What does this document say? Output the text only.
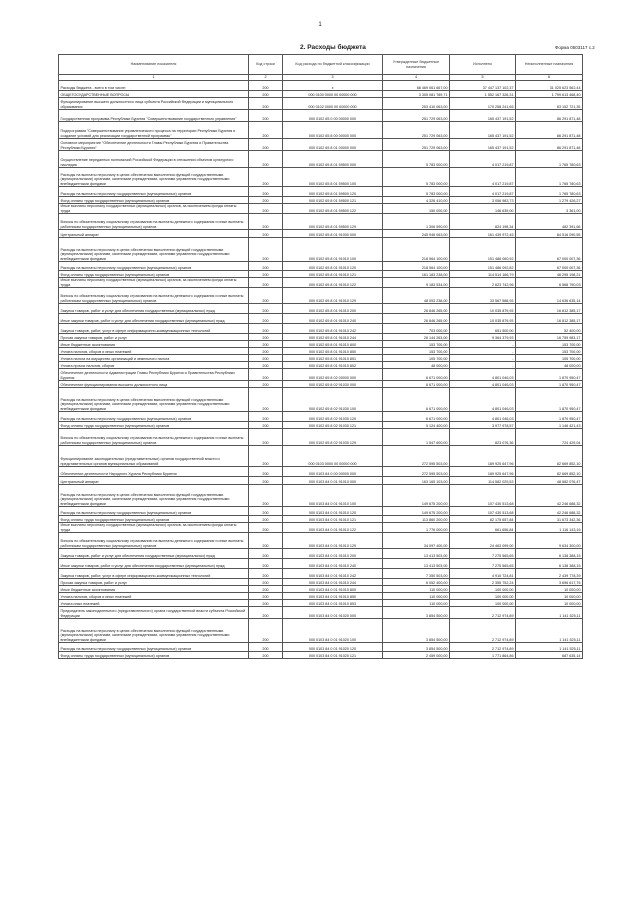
1
2. Расходы бюджета	Форма 0503117 с.2
Наименование показателя	Код строки	Код расхода по бюджетной классификации	Утвержденные бюджетные назначения	Исполнено	Неисполненные назначения
1	2	3	4	5	6
Расходы бюджета - всего в том числе:	200	x	68 469 061 667,00	37 447 137 102,37	31 025 623 562,44
ОБЩЕГОСУДАРСТВЕННЫЕ ВОПРОСЫ	200	000 0100 0000 00 00000 000	3 305 081 789,71	1 552 167 326,31	1 799 613 468,40
Функционирование высшего должностного лица субъекта Российской Федерации и муниципального образования	200	000 0102 0000 00 00000 000	253 410 063,00	170 258 241,65	83 152 721,35
Государственная программа Республики Бурятия "Совершенствование государственного управления"	200	000 0102 65 0 00 00000 000	251 729 063,00	165 437 191,52	86 291 871,48
Подпрограмма "Совершенствование управленческого процесса на территории Республики Бурятия и создание условий для реализации государственной программы"	200	000 0102 65 8 00 00000 000	251 729 063,00	165 437 191,52	86 291 871,48
Основное мероприятие "Обеспечение деятельности Главы Республики Бурятия и Правительства Республики Бурятия"	200	000 0102 65 8 01 00000 000	251 729 063,00	165 437 191,52	86 291 871,48
Осуществление переданных полномочий Российской Федерации в отношении объектов культурного наследия	200	000 0102 65 8 01 59500 000	5 783 000,00	4 017 219,87	1 765 780,63
Расходы на выплаты персоналу в целях обеспечения выполнения функций государственными (муниципальными) органами, казенными учреждениями, органами управления государственными внебюджетными фондами	200	000 0102 65 8 01 59500 100	5 783 000,00	4 017 219,87	1 765 780,63
Расходы на выплаты персоналу государственных (муниципальных) органов	200	000 0102 65 8 01 59500 120	5 783 000,00	4 017 219,87	1 765 780,63
Фонд оплаты труда государственных (муниципальных) органов	200	000 0102 65 8 01 59500 121	4 326 410,00	3 056 983,73	1 279 426,27
Иные выплаты персоналу государственных (муниципальных) органов, за исключением фонда оплаты труда	200	000 0102 65 8 01 59500 122	150 000,00	146 639,00	3 361,00
Взносы по обязательному социальному страхованию на выплаты денежного содержания и иные выплаты работникам государственных (муниципальных) органов	200	000 0102 65 8 01 59500 129	1 306 590,00	824 198,34	482 391,66
Центральный аппарат	200	000 0102 65 8 01 91000 000	245 946 063,00	161 439 972,45	84 516 090,55
Расходы на выплаты персоналу в целях обеспечения выполнения функций государственными (муниципальными) органами, казенными учреждениями, органами управления государственными внебюджетными фондами	200	000 0102 65 8 01 91010 100	218 564 100,00	151 486 060,92	67 000 007,36
Расходы на выплаты персоналу государственных (муниципальных) органов	200	000 0102 65 8 01 91010 120	218 564 100,00	151 486 092,82	67 000 007,36
Фонд оплаты труда государственных (муниципальных) органов	200	000 0102 65 8 01 91010 121	161 183 238,00	114 514 166,79	46 295 198,21
Иные выплаты персоналу государственных (муниципальных) органов, за исключением фонда оплаты труда	200	000 0102 65 8 01 91010 122	9 183 534,00	2 623 742,96	6 568 790,03
Взносы по обязательному социальному страхованию на выплаты денежного содержания и иные выплаты работникам государственных (муниципальных) органов	200	000 0102 65 8 01 91010 129	48 053 238,00	33 567 588,93	14 636 635,14
Закупка товаров, работ и услуг для обеспечения государственных (муниципальных) нужд	200	000 0102 65 8 01 91010 200	26 846 265,00	10 035 879,93	16 812 385,17
Иные закупки товаров, работ и услуг для обеспечения государственных (муниципальных) нужд	200	000 0102 65 8 01 91010 240	26 846 265,00	10 035 879,93	16 812 385,17
Закупка товаров, работ, услуг в сфере информационно-коммуникационных технологий	200	000 0102 65 8 01 91010 242	703 000,00	651 500,00	52 400,00
Прочая закупка товаров, работ и услуг	200	000 0102 65 8 01 91010 244	26 144 263,00	9 364 379,93	16 759 983,17
Иные бюджетные ассигнования	200	000 0102 65 8 01 91010 800	153 700,00	-	153 700,00
Уплата налогов, сборов и иных платежей	200	000 0102 65 8 01 91010 850	153 700,00	-	153 700,00
Уплата налога на имущество организаций и земельного налога	200	000 0102 65 8 01 91010 851	105 700,00	-	105 700,00
Уплата прочих налогов, сборов	200	000 0102 65 8 01 91010 852	48 000,00	-	48 000,00
Обеспечение деятельности Администрации Главы Республики Бурятия и Правительства Республики Бурятия	200	000 0102 65 8 02 00000 000	6 671 000,00	4 801 046,03	1 870 950,47
Обеспечение функционирования высшего должностного лица	200	000 0102 65 8 02 91030 000	6 671 000,00	4 801 046,03	1 870 950,47
Расходы на выплаты персоналу в целях обеспечения выполнения функций государственными (муниципальными) органами, казенными учреждениями, органами управления государственными внебюджетными фондами	200	000 0102 65 8 02 91030 100	6 671 000,00	4 801 046,03	1 870 950,47
Расходы на выплаты персоналу государственных (муниципальных) органов	200	000 0102 65 8 02 91030 120	6 671 000,00	4 801 046,03	1 870 950,47
Фонд оплаты труда государственных (муниципальных) органов	200	000 0102 65 8 02 91030 121	5 124 400,00	3 977 978,57	1 146 421,43
Взносы по обязательному социальному страхованию на выплаты денежного содержания и иные выплаты работникам государственных (муниципальных) органов	200	000 0102 65 8 02 91030 129	1 547 600,00	823 076,36	724 429,04
Функционирование законодательных (представительных) органов государственной власти и представительных органов муниципальных образований	200	000 0103 0000 00 00000 000	272 595 503,00	189 925 647,96	82 669 852,10
Обеспечение деятельности Народного Хурала Республики Бурятия	200	000 0103 84 0 00 00000 000	272 595 503,00	189 925 647,96	82 669 852,10
Центральный аппарат	200	000 0103 84 0 01 91010 000	163 165 103,00	114 582 025,53	48 582 076,47
Расходы на выплаты персоналу в целях обеспечения выполнения функций государственными (муниципальными) органами, казенными учреждениями, органами управления государственными внебюджетными фондами	200	000 0103 84 0 01 91010 100	149 675 200,00	107 430 513,68	42 246 688,32
Расходы на выплаты персоналу государственных (муниципальных) органов	200	000 0103 84 0 01 91010 120	149 675 200,00	107 430 513,68	42 246 688,32
Фонд оплаты труда государственных (муниципальных) органов	200	000 0103 84 0 01 91010 121	113 860 200,00	82 175 657,84	31 673 342,36
Иные выплаты персоналу государственных (муниципальных) органов, за исключением фонда оплаты труда	200	000 0103 84 0 01 91010 122	1 776 000,00	661 656,84	1 116 143,16
Взносы по обязательному социальному страхованию на выплаты денежного содержания и иные выплаты работникам государственных (муниципальных) органов	200	000 0103 84 0 01 91010 129	34 097 400,00	24 463 099,00	9 634 300,00
Закупка товаров, работ и услуг для обеспечения государственных (муниципальных) нужд	200	000 0103 84 0 01 91010 200	13 413 503,00	7 275 565,65	6 138 388,15
Иные закупки товаров, работ и услуг для обеспечения государственных (муниципальных) нужд	200	000 0103 84 0 01 91010 240	13 413 503,00	7 275 565,65	6 138 388,15
Закупка товаров, работ, услуг в сфере информационно-коммуникационных технологий	200	000 0103 84 0 01 91010 242	7 350 503,00	4 910 724,81	2 439 778,39
Прочая закупка товаров, работ и услуг	200	000 0103 84 0 01 91010 244	6 052 400,00	2 355 752,24	3 696 617,76
Иные бюджетные ассигнования	200	000 0103 84 0 01 91010 800	110 000,00	100 000,00	10 000,00
Уплата налогов, сборов и иных платежей	200	000 0103 84 0 01 91010 850	110 000,00	100 000,00	10 000,00
Уплата иных платежей	200	000 0103 84 0 01 91010 853	110 000,00	100 000,00	10 000,00
Председатель законодательного (представительного) органа государственной власти субъекта Российской Федерации	200	000 0103 84 0 01 91020 000	3 854 500,00	2 712 974,89	1 141 525,11
Расходы на выплаты персоналу в целях обеспечения выполнения функций государственными (муниципальными) органами, казенными учреждениями, органами управления государственными внебюджетными фондами	200	000 0103 84 0 01 91020 100	3 854 500,00	2 712 974,89	1 141 525,11
Расходы на выплаты персоналу государственных (муниципальных) органов	200	000 0103 84 0 01 91020 120	3 854 500,00	2 712 974,89	1 141 525,11
Фонд оплаты труда государственных (муниципальных) органов	200	000 0103 84 0 01 91020 121	2 459 000,00	1 771 864,86	687 635,14
